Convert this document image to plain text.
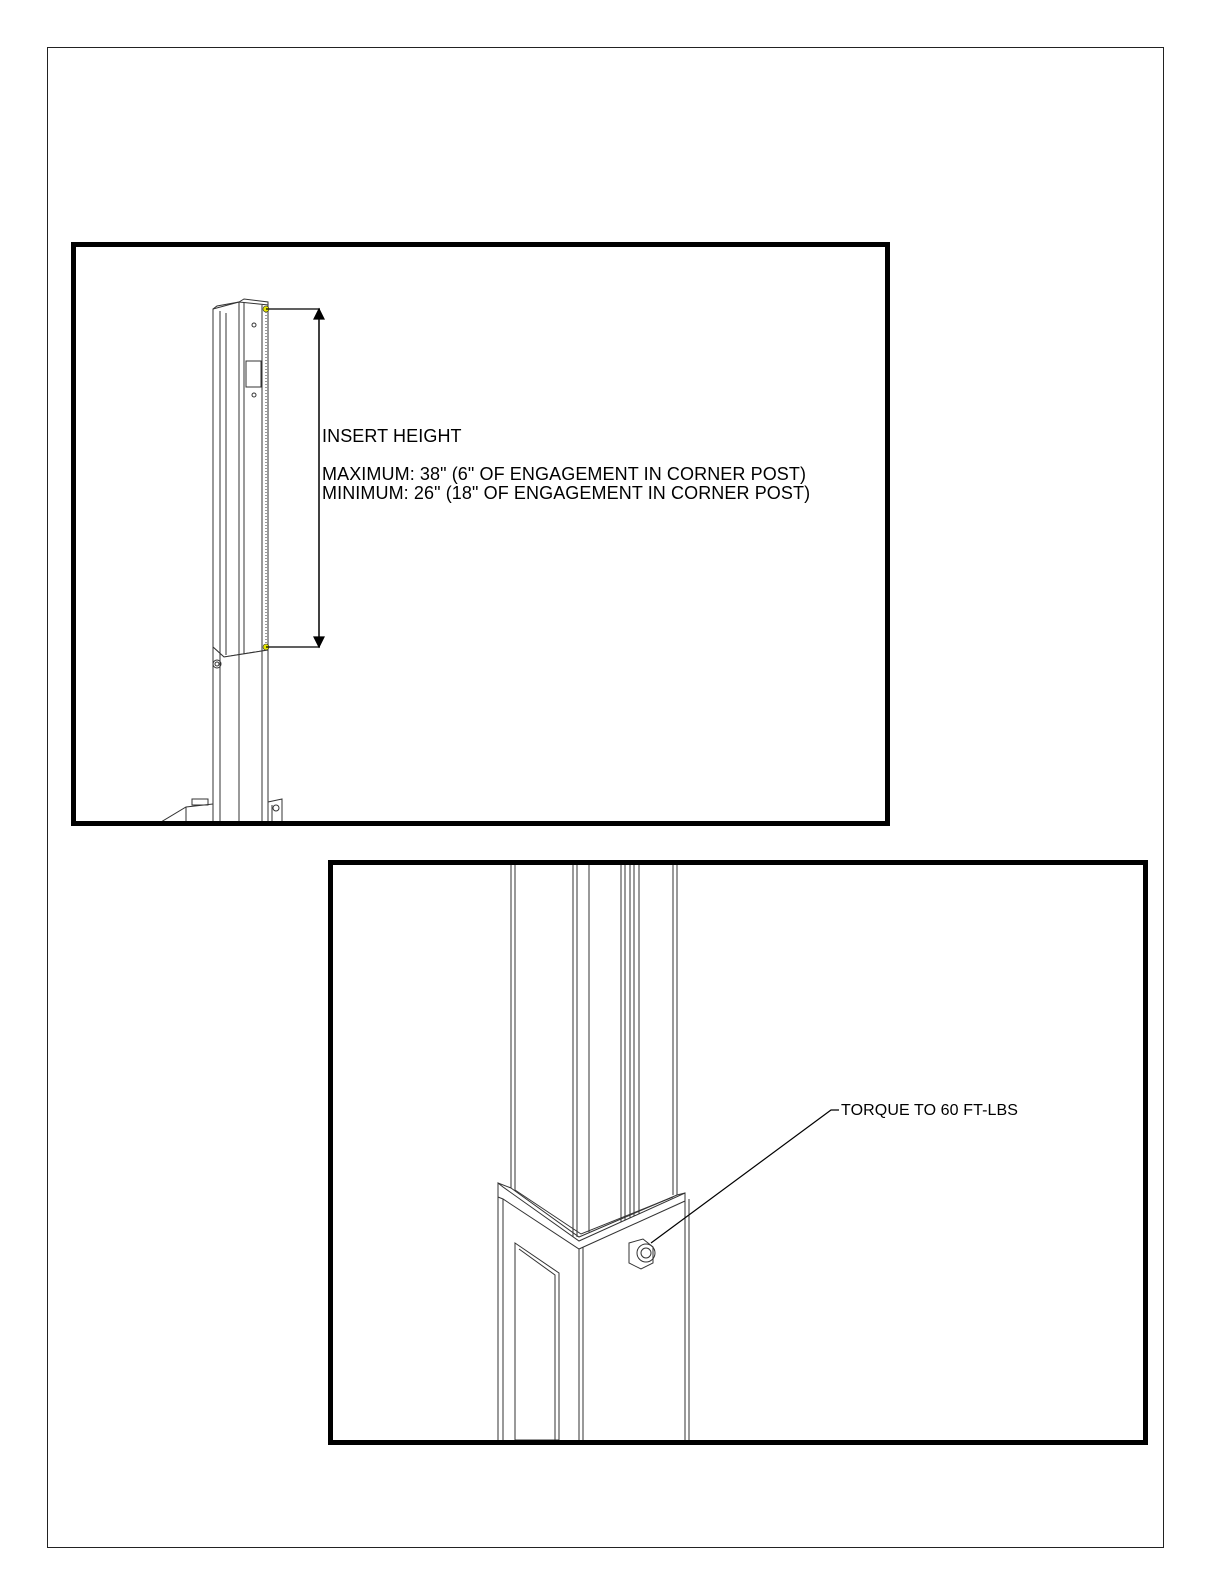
INSERT HEIGHT
MAXIMUM: 38" (6" OF ENGAGEMENT IN CORNER POST)
MINIMUM: 26" (18" OF ENGAGEMENT IN CORNER POST)
TORQUE TO 60 FT-LBS
